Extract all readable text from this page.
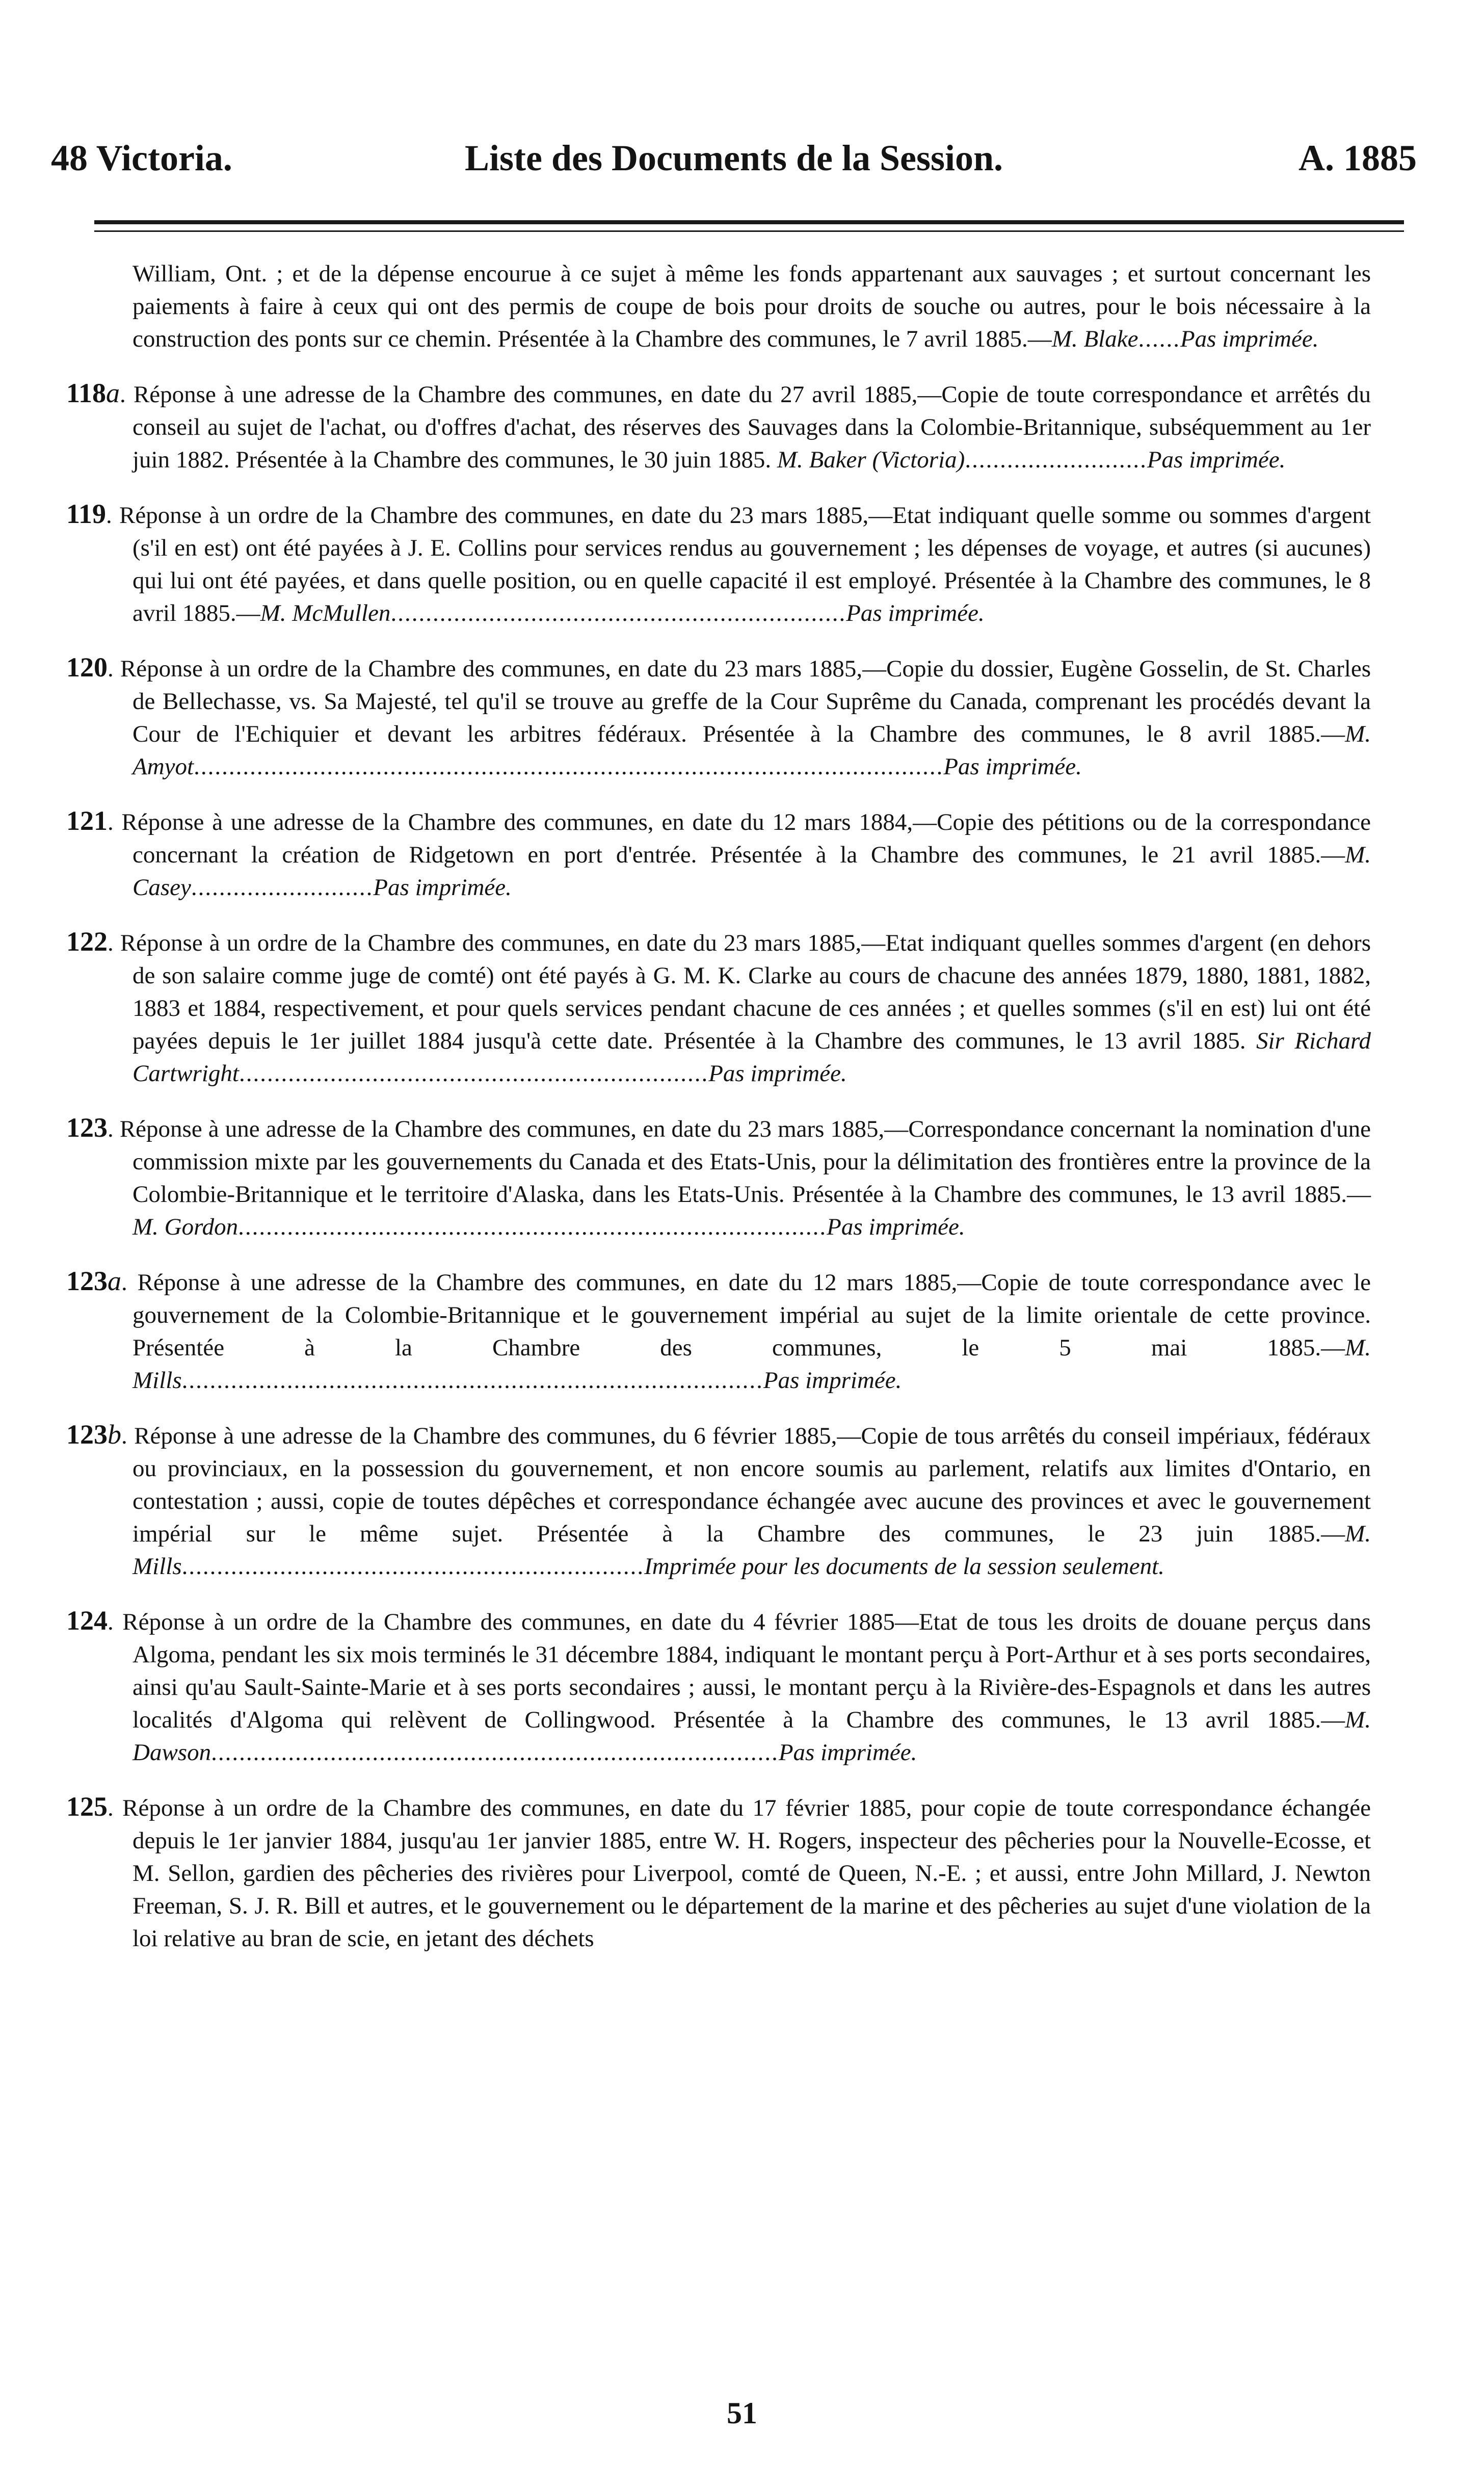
48 Victoria.	Liste des Documents de la Session.	A. 1885

William, Ont. ; et de la dépense encourue à ce sujet à même les fonds appartenant aux sauvages ; et surtout concernant les paiements à faire à ceux qui ont des permis de coupe de bois pour droits de souche ou autres, pour le bois nécessaire à la construction des ponts sur ce chemin. Présentée à la Chambre des communes, le 7 avril 1885.—M. Blake......Pas imprimée.

118a. Réponse à une adresse de la Chambre des communes, en date du 27 avril 1885,—Copie de toute correspondance et arrêtés du conseil au sujet de l'achat, ou d'offres d'achat, des réserves des Sauvages dans la Colombie-Britannique, subséquemment au 1er juin 1882. Présentée à la Chambre des communes, le 30 juin 1885. M. Baker (Victoria)..........................Pas imprimée.

119. Réponse à un ordre de la Chambre des communes, en date du 23 mars 1885,—Etat indiquant quelle somme ou sommes d'argent (s'il en est) ont été payées à J. E. Collins pour services rendus au gouvernement ; les dépenses de voyage, et autres (si aucunes) qui lui ont été payées, et dans quelle position, ou en quelle capacité il est employé. Présentée à la Chambre des communes, le 8 avril 1885.—M. McMullen.................................................................Pas imprimée.

120. Réponse à un ordre de la Chambre des communes, en date du 23 mars 1885,—Copie du dossier, Eugène Gosselin, de St. Charles de Bellechasse, vs. Sa Majesté, tel qu'il se trouve au greffe de la Cour Suprême du Canada, comprenant les procédés devant la Cour de l'Echiquier et devant les arbitres fédéraux. Présentée à la Chambre des communes, le 8 avril 1885.—M. Amyot...........................................................................................................Pas imprimée.

121. Réponse à une adresse de la Chambre des communes, en date du 12 mars 1884,—Copie des pétitions ou de la correspondance concernant la création de Ridgetown en port d'entrée. Présentée à la Chambre des communes, le 21 avril 1885.—M. Casey..........................Pas imprimée.

122. Réponse à un ordre de la Chambre des communes, en date du 23 mars 1885,—Etat indiquant quelles sommes d'argent (en dehors de son salaire comme juge de comté) ont été payés à G. M. K. Clarke au cours de chacune des années 1879, 1880, 1881, 1882, 1883 et 1884, respectivement, et pour quels services pendant chacune de ces années ; et quelles sommes (s'il en est) lui ont été payées depuis le 1er juillet 1884 jusqu'à cette date. Présentée à la Chambre des communes, le 13 avril 1885. Sir Richard Cartwright...................................................................Pas imprimée.

123. Réponse à une adresse de la Chambre des communes, en date du 23 mars 1885,—Correspondance concernant la nomination d'une commission mixte par les gouvernements du Canada et des Etats-Unis, pour la délimitation des frontières entre la province de la Colombie-Britannique et le territoire d'Alaska, dans les Etats-Unis. Présentée à la Chambre des communes, le 13 avril 1885.—M. Gordon....................................................................................Pas imprimée.

123a. Réponse à une adresse de la Chambre des communes, en date du 12 mars 1885,—Copie de toute correspondance avec le gouvernement de la Colombie-Britannique et le gouvernement impérial au sujet de la limite orientale de cette province. Présentée à la Chambre des communes, le 5 mai 1885.—M. Mills...................................................................................Pas imprimée.

123b. Réponse à une adresse de la Chambre des communes, du 6 février 1885,—Copie de tous arrêtés du conseil impériaux, fédéraux ou provinciaux, en la possession du gouvernement, et non encore soumis au parlement, relatifs aux limites d'Ontario, en contestation ; aussi, copie de toutes dépêches et correspondance échangée avec aucune des provinces et avec le gouvernement impérial sur le même sujet. Présentée à la Chambre des communes, le 23 juin 1885.—M. Mills..................................................................Imprimée pour les documents de la session seulement.

124. Réponse à un ordre de la Chambre des communes, en date du 4 février 1885—Etat de tous les droits de douane perçus dans Algoma, pendant les six mois terminés le 31 décembre 1884, indiquant le montant perçu à Port-Arthur et à ses ports secondaires, ainsi qu'au Sault-Sainte-Marie et à ses ports secondaires ; aussi, le montant perçu à la Rivière-des-Espagnols et dans les autres localités d'Algoma qui relèvent de Collingwood. Présentée à la Chambre des communes, le 13 avril 1885.—M. Dawson.................................................................................Pas imprimée.

125. Réponse à un ordre de la Chambre des communes, en date du 17 février 1885, pour copie de toute correspondance échangée depuis le 1er janvier 1884, jusqu'au 1er janvier 1885, entre W. H. Rogers, inspecteur des pêcheries pour la Nouvelle-Ecosse, et M. Sellon, gardien des pêcheries des rivières pour Liverpool, comté de Queen, N.-E. ; et aussi, entre John Millard, J. Newton Freeman, S. J. R. Bill et autres, et le gouvernement ou le département de la marine et des pêcheries au sujet d'une violation de la loi relative au bran de scie, en jetant des déchets

51
